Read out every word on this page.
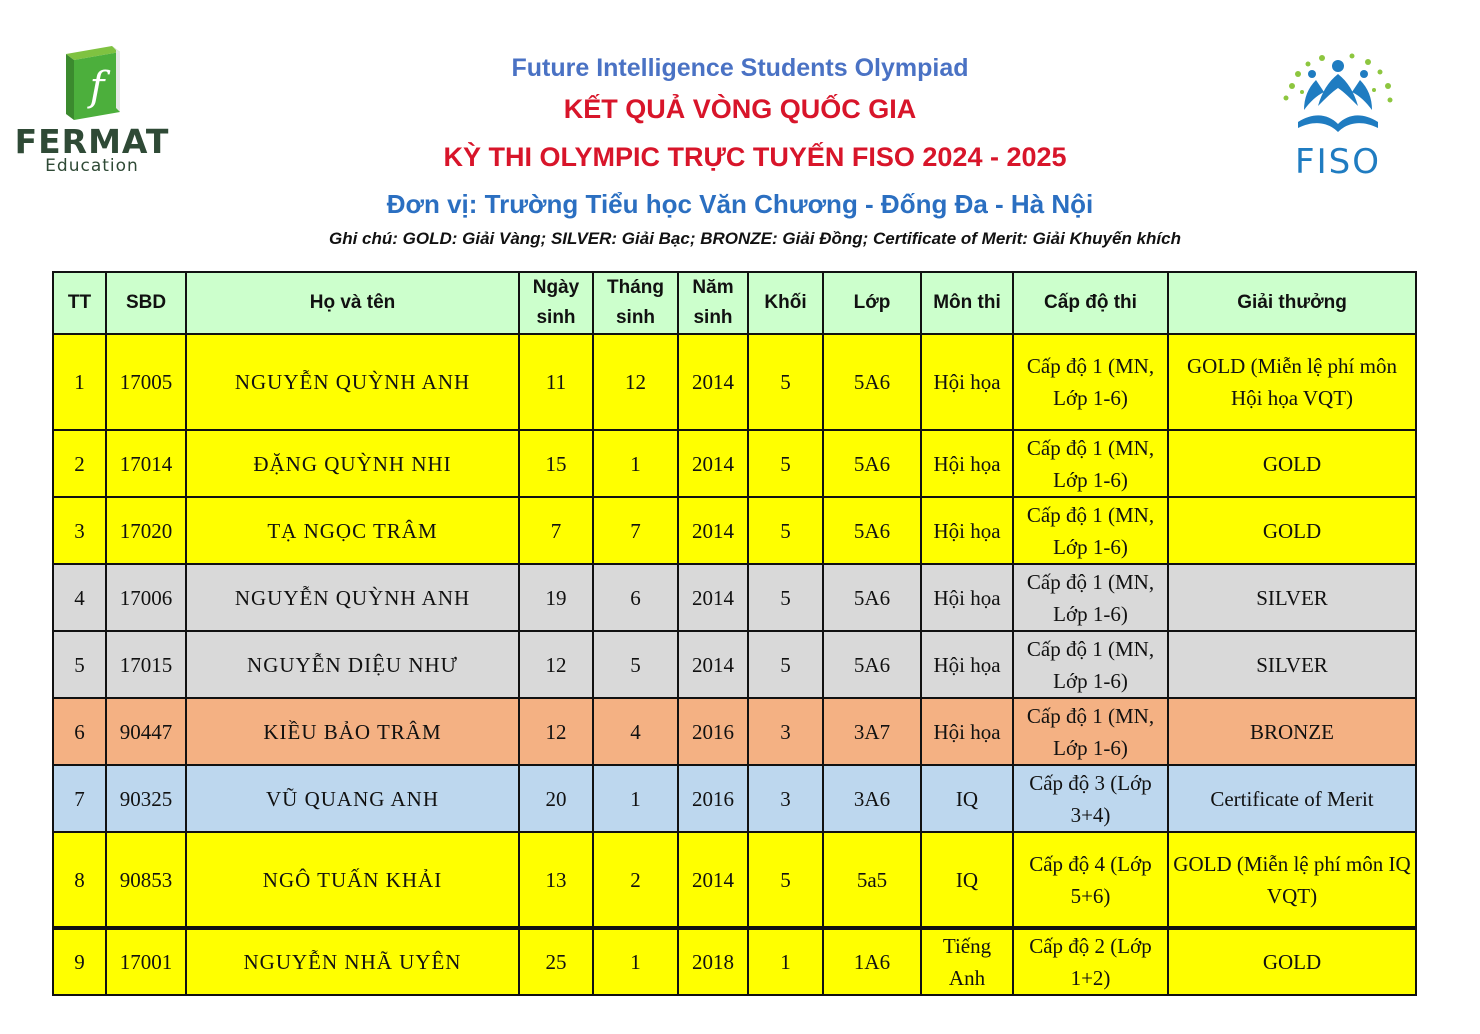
f
FERMAT
Education	FISO
Future Intelligence Students Olympiad
KẾT QUẢ VÒNG QUỐC GIA
KỲ THI OLYMPIC TRỰC TUYẾN FISO 2024 - 2025
Đơn vị: Trường Tiểu học Văn Chương - Đống Đa - Hà Nội
Ghi chú: GOLD: Giải Vàng; SILVER: Giải Bạc; BRONZE: Giải Đồng; Certificate of Merit: Giải Khuyến khích
TT	SBD	Họ và tên	Ngày sinh	Tháng sinh	Năm sinh	Khối	Lớp	Môn thi	Cấp độ thi	Giải thưởng
1	17005	NGUYỄN QUỲNH ANH	11	12	2014	5	5A6	Hội họa	Cấp độ 1 (MN, Lớp 1-6)	GOLD (Miễn lệ phí môn Hội họa VQT)
2	17014	ĐẶNG QUỲNH NHI	15	1	2014	5	5A6	Hội họa	Cấp độ 1 (MN, Lớp 1-6)	GOLD
3	17020	TẠ NGỌC TRÂM	7	7	2014	5	5A6	Hội họa	Cấp độ 1 (MN, Lớp 1-6)	GOLD
4	17006	NGUYỄN QUỲNH ANH	19	6	2014	5	5A6	Hội họa	Cấp độ 1 (MN, Lớp 1-6)	SILVER
5	17015	NGUYỄN DIỆU NHƯ	12	5	2014	5	5A6	Hội họa	Cấp độ 1 (MN, Lớp 1-6)	SILVER
6	90447	KIỀU BẢO TRÂM	12	4	2016	3	3A7	Hội họa	Cấp độ 1 (MN, Lớp 1-6)	BRONZE
7	90325	VŨ QUANG ANH	20	1	2016	3	3A6	IQ	Cấp độ 3 (Lớp 3+4)	Certificate of Merit
8	90853	NGÔ TUẤN KHẢI	13	2	2014	5	5a5	IQ	Cấp độ 4 (Lớp 5+6)	GOLD (Miễn lệ phí môn IQ VQT)
9	17001	NGUYỄN NHÃ UYÊN	25	1	2018	1	1A6	Tiếng Anh	Cấp độ 2 (Lớp 1+2)	GOLD
